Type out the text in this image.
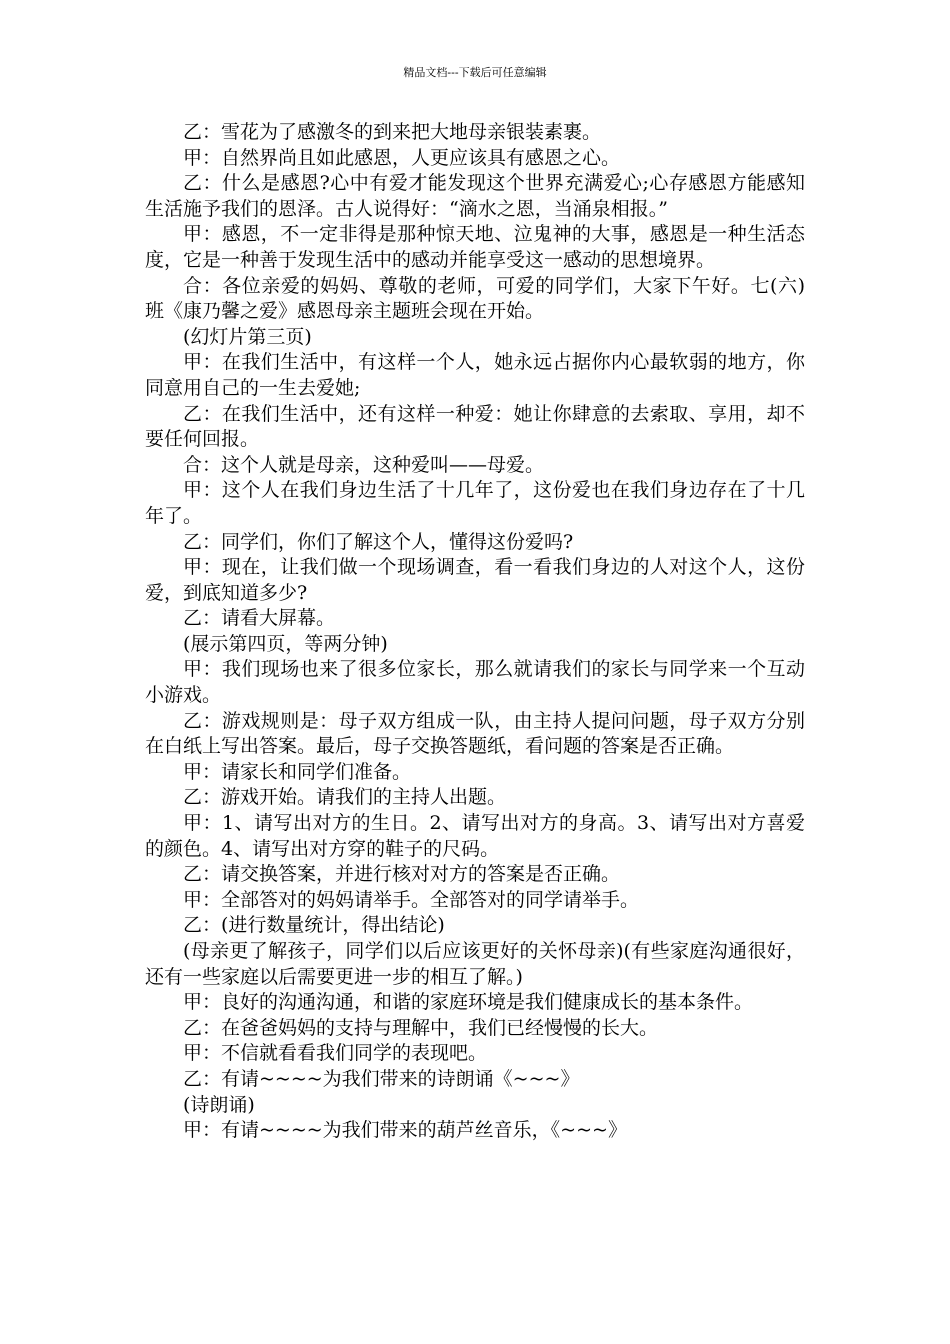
精品文档---下载后可任意编辑

乙：雪花为了感激冬的到来把大地母亲银装素裹。

甲：自然界尚且如此感恩，人更应该具有感恩之心。

乙：什么是感恩?心中有爱才能发现这个世界充满爱心;心存感恩方能感知生活施予我们的恩泽。古人说得好：“滴水之恩，当涌泉相报。”

甲：感恩，不一定非得是那种惊天地、泣鬼神的大事，感恩是一种生活态度，它是一种善于发现生活中的感动并能享受这一感动的思想境界。

合：各位亲爱的妈妈、尊敬的老师，可爱的同学们，大家下午好。七(六)班《康乃馨之爱》感恩母亲主题班会现在开始。

(幻灯片第三页)

甲：在我们生活中，有这样一个人，她永远占据你内心最软弱的地方，你同意用自己的一生去爱她;

乙：在我们生活中，还有这样一种爱：她让你肆意的去索取、享用，却不要任何回报。

合：这个人就是母亲，这种爱叫——母爱。

甲：这个人在我们身边生活了十几年了，这份爱也在我们身边存在了十几年了。

乙：同学们，你们了解这个人，懂得这份爱吗?

甲：现在，让我们做一个现场调查，看一看我们身边的人对这个人，这份爱，到底知道多少?

乙：请看大屏幕。

(展示第四页，等两分钟)

甲：我们现场也来了很多位家长，那么就请我们的家长与同学来一个互动小游戏。

乙：游戏规则是：母子双方组成一队，由主持人提问问题，母子双方分别在白纸上写出答案。最后，母子交换答题纸，看问题的答案是否正确。

甲：请家长和同学们准备。

乙：游戏开始。请我们的主持人出题。

甲：1、请写出对方的生日。2、请写出对方的身高。3、请写出对方喜爱的颜色。4、请写出对方穿的鞋子的尺码。

乙：请交换答案，并进行核对对方的答案是否正确。

甲：全部答对的妈妈请举手。全部答对的同学请举手。

乙：(进行数量统计，得出结论)

(母亲更了解孩子，同学们以后应该更好的关怀母亲)(有些家庭沟通很好，还有一些家庭以后需要更进一步的相互了解。)

甲：良好的沟通沟通，和谐的家庭环境是我们健康成长的基本条件。

乙：在爸爸妈妈的支持与理解中，我们已经慢慢的长大。

甲：不信就看看我们同学的表现吧。

乙：有请~~~~为我们带来的诗朗诵《~~~》

(诗朗诵)

甲：有请~~~~为我们带来的葫芦丝音乐，《~~~》
